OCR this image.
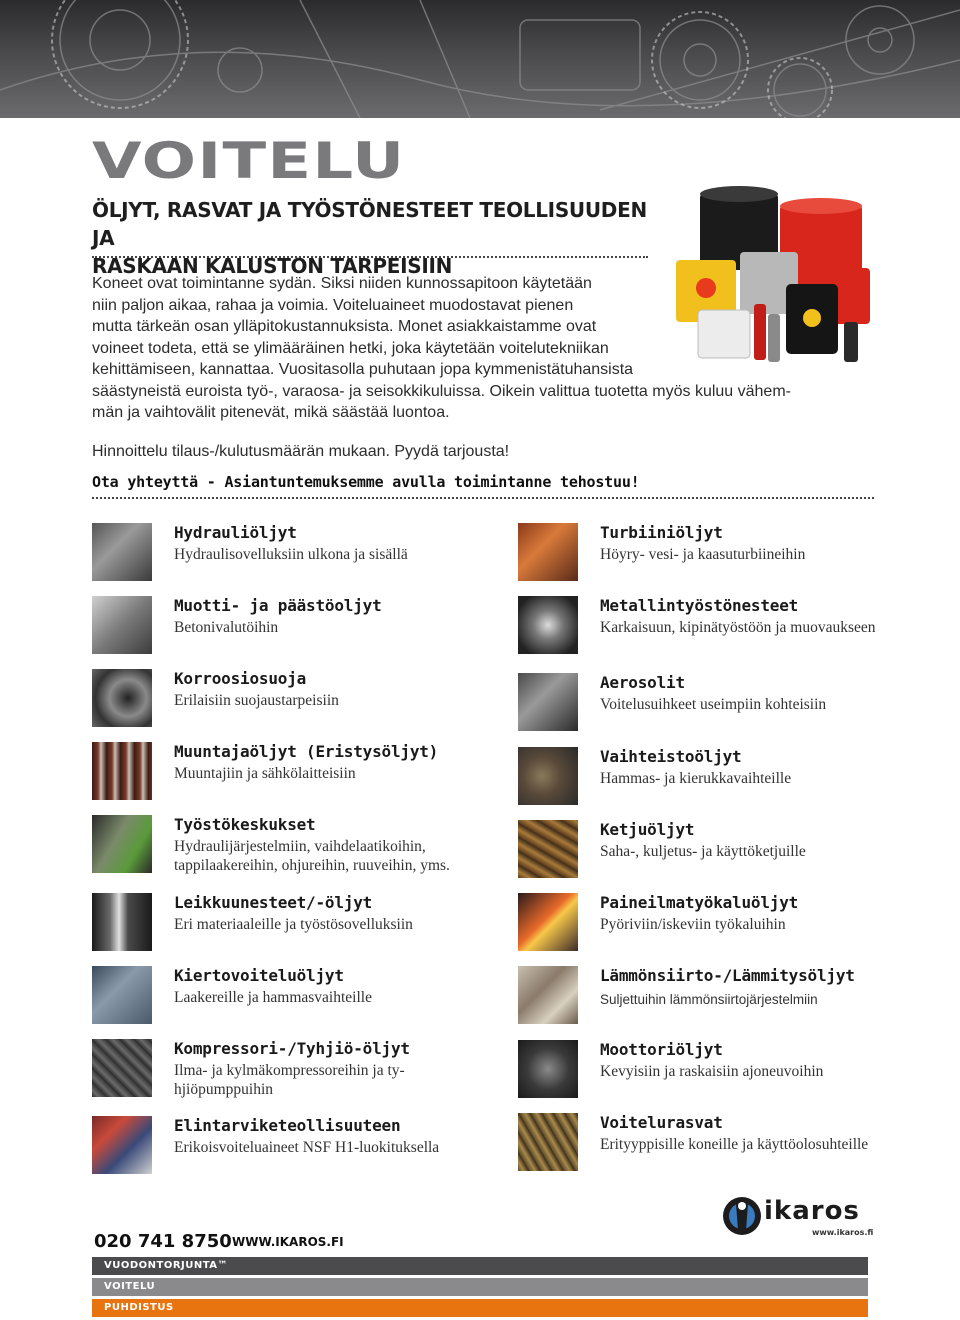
VOITELU
ÖLJYT, RASVAT JA TYÖSTÖNESTEET TEOLLISUUDEN JA
RASKAAN KALUSTON TARPEISIIN
Koneet ovat toimintanne sydän. Siksi niiden kunnossapitoon käytetään
niin paljon aikaa, rahaa ja voimia. Voiteluaineet muodostavat pienen
mutta tärkeän osan ylläpitokustannuksista. Monet asiakkaistamme ovat
voineet todeta, että se ylimääräinen hetki, joka käytetään voitelutekniikan
kehittämiseen, kannattaa. Vuositasolla puhutaan jopa kymmenistätuhansista
säästyneistä euroista työ-, varaosa- ja seisokkikuluissa. Oikein valittua tuotetta myös kuluu vähem-
män ja vaihtovälit pitenevät, mikä säästää luontoa.
Hinnoittelu tilaus-/kulutusmäärän mukaan. Pyydä tarjousta!
Ota yhteyttä - Asiantuntemuksemme avulla toimintanne tehostuu!
Hydrauliöljyt
Hydraulisovelluksiin ulkona ja sisällä
Muotti- ja päästöoljyt
Betonivalutöihin
Korroosiosuoja
Erilaisiin suojaustarpeisiin
Muuntajaöljyt (Eristysöljyt)
Muuntajiin ja sähkölaitteisiin
Työstökeskukset
Hydraulijärjestelmiin, vaihdelaatikoihin, tappilaakereihin, ohjureihin, ruuveihin, yms.
Leikkuunesteet/-öljyt
Eri materiaaleille ja työstösovelluksiin
Kiertovoiteluöljyt
Laakereille ja hammasvaihteille
Kompressori-/Tyhjiö-öljyt
Ilma- ja kylmäkompressoreihin ja ty-hjiöpumppuihin
Elintarviketeollisuuteen
Erikoisvoiteluaineet NSF H1-luokituksella
Turbiiniöljyt
Höyry- vesi- ja kaasuturbiineihin
Metallintyöstönesteet
Karkaisuun, kipinätyöstöön ja muovaukseen
Aerosolit
Voitelusuihkeet useimpiin kohteisiin
Vaihteistoöljyt
Hammas- ja kierukkavaihteille
Ketjuöljyt
Saha-, kuljetus- ja käyttöketjuille
Paineilmatyökaluöljyt
Pyöriviin/iskeviin työkaluihin
Lämmönsiirto-/Lämmitysöljyt
Suljettuihin lämmönsiirtojärjestelmiin
Moottoriöljyt
Kevyisiin ja raskaisiin ajoneuvoihin
Voitelurasvat
Erityyppisille koneille ja käyttöolosuhteille
ikaros
www.ikaros.fi
020 741 8750 WWW.IKAROS.FI
VUODONTORJUNTA™
VOITELU
PUHDISTUS
